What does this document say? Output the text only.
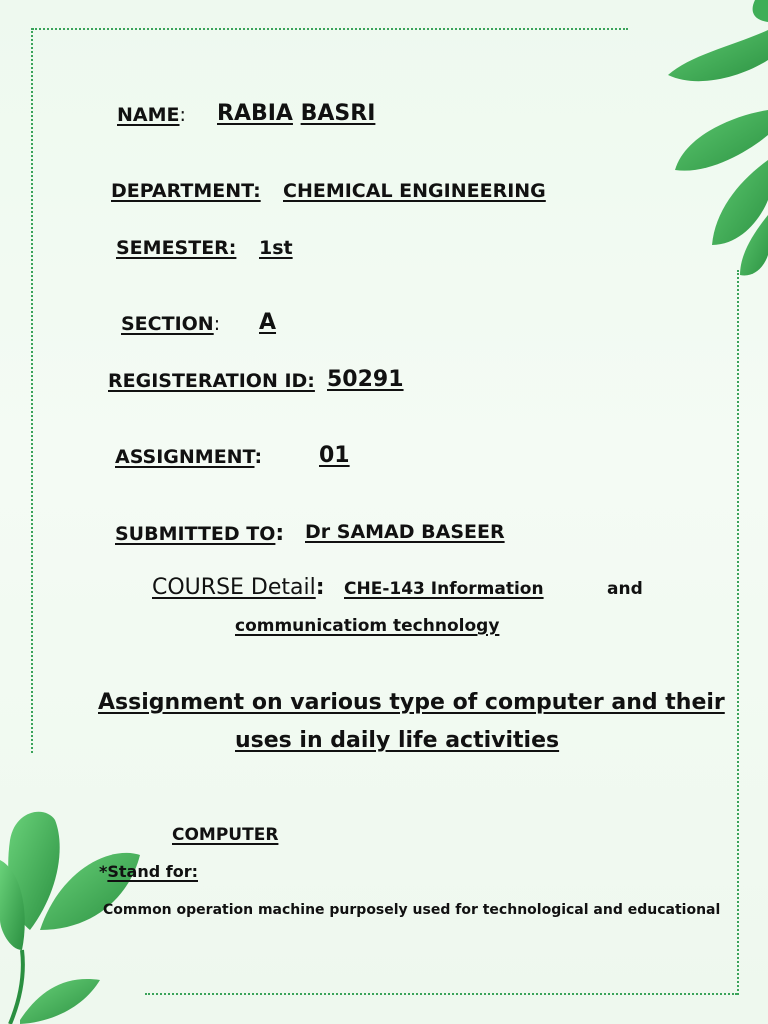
NAME: RABIA BASRI
DEPARTMENT: CHEMICAL ENGINEERING
SEMESTER: 1st
SECTION: A
REGISTERATION ID: 50291
ASSIGNMENT:	01
SUBMITTED TO: Dr SAMAD BASEER
COURSE Detail: CHE-143 Information	and
communicatiom technology
Assignment on various type of computer and their
uses in daily life activities
COMPUTER
*Stand for:
Common operation machine purposely used for technological and educational
